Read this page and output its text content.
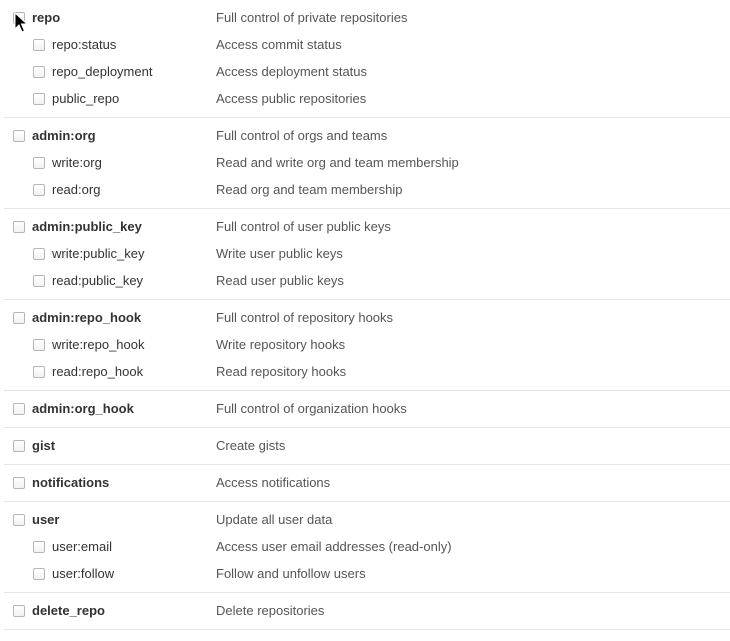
repo	Full control of private repositories
repo:status	Access commit status
repo_deployment	Access deployment status
public_repo	Access public repositories
admin:org	Full control of orgs and teams
write:org	Read and write org and team membership
read:org	Read org and team membership
admin:public_key	Full control of user public keys
write:public_key	Write user public keys
read:public_key	Read user public keys
admin:repo_hook	Full control of repository hooks
write:repo_hook	Write repository hooks
read:repo_hook	Read repository hooks
admin:org_hook	Full control of organization hooks
gist	Create gists
notifications	Access notifications
user	Update all user data
user:email	Access user email addresses (read-only)
user:follow	Follow and unfollow users
delete_repo	Delete repositories
